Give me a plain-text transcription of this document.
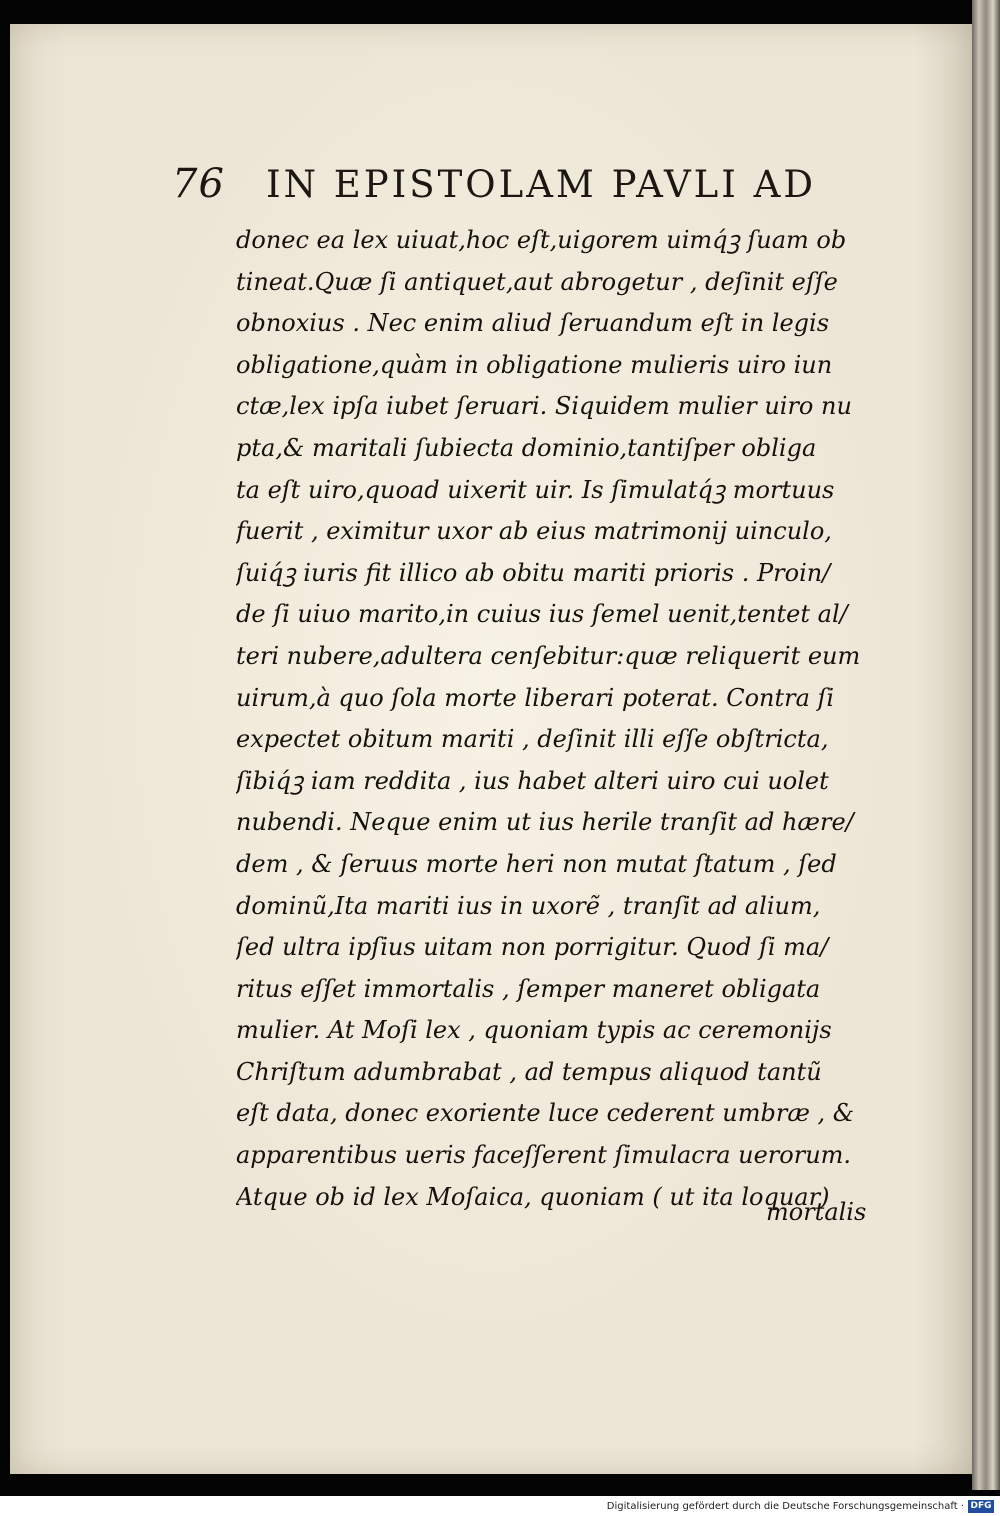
76 IN EPISTOLAM PAVLI AD
donec ea lex uiuat,hoc eſt,uigorem uimq́ꝫ ſuam ob
tineat.Quæ ſi antiquet,aut abrogetur , deſinit eſſe
obnoxius . Nec enim aliud ſeruandum eſt in legis
obligatione,quàm in obligatione mulieris uiro iun
ctæ,lex ipſa iubet ſeruari. Siquidem mulier uiro nu
pta,& maritali ſubiecta dominio,tantiſper obliga
ta eſt uiro,quoad uixerit uir. Is ſimulatq́ꝫ mortuus
fuerit , eximitur uxor ab eius matrimonij uinculo,
ſuiq́ꝫ iuris fit illico ab obitu mariti prioris . Proin/
de ſi uiuo marito,in cuius ius ſemel uenit,tentet al/
teri nubere,adultera cenſebitur:quæ reliquerit eum
uirum,à quo ſola morte liberari poterat. Contra ſi
expectet obitum mariti , deſinit illi eſſe obſtricta,
ſibiq́ꝫ iam reddita , ius habet alteri uiro cui uolet
nubendi. Neque enim ut ius herile tranſit ad hære/
dem , & ſeruus morte heri non mutat ſtatum , ſed
dominũ,Ita mariti ius in uxorẽ , tranſit ad alium,
ſed ultra ipſius uitam non porrigitur. Quod ſi ma/
ritus eſſet immortalis , ſemper maneret obligata
mulier. At Moſi lex , quoniam typis ac ceremonijs
Chriſtum adumbrabat , ad tempus aliquod tantũ
eſt data, donec exoriente luce cederent umbræ , &
apparentibus ueris faceſſerent ſimulacra uerorum.
Atque ob id lex Moſaica, quoniam ( ut ita loquar)
mortalis
Digitalisierung gefördert durch die Deutsche Forschungsgemeinschaft · DFG
